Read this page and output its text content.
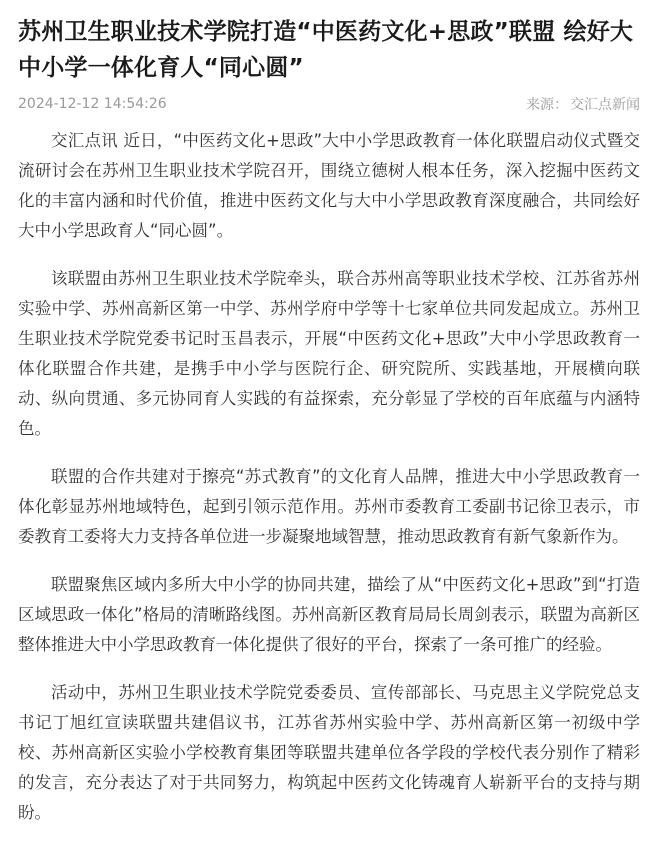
苏州卫生职业技术学院打造“中医药文化+思政”联盟 绘好大中小学一体化育人“同心圆”
2024-12-12 14:54:26	来源： 交汇点新闻

交汇点讯 近日，“中医药文化+思政”大中小学思政教育一体化联盟启动仪式暨交流研讨会在苏州卫生职业技术学院召开，围绕立德树人根本任务，深入挖掘中医药文化的丰富内涵和时代价值，推进中医药文化与大中小学思政教育深度融合，共同绘好大中小学思政育人“同心圆”。

该联盟由苏州卫生职业技术学院牵头，联合苏州高等职业技术学校、江苏省苏州实验中学、苏州高新区第一中学、苏州学府中学等十七家单位共同发起成立。苏州卫生职业技术学院党委书记时玉昌表示，开展“中医药文化+思政”大中小学思政教育一体化联盟合作共建，是携手中小学与医院行企、研究院所、实践基地，开展横向联动、纵向贯通、多元协同育人实践的有益探索，充分彰显了学校的百年底蕴与内涵特色。

联盟的合作共建对于擦亮“苏式教育”的文化育人品牌，推进大中小学思政教育一体化彰显苏州地域特色，起到引领示范作用。苏州市委教育工委副书记徐卫表示，市委教育工委将大力支持各单位进一步凝聚地域智慧，推动思政教育有新气象新作为。

联盟聚焦区域内多所大中小学的协同共建，描绘了从“中医药文化+思政”到“打造区域思政一体化”格局的清晰路线图。苏州高新区教育局局长周剑表示，联盟为高新区整体推进大中小学思政教育一体化提供了很好的平台，探索了一条可推广的经验。

活动中，苏州卫生职业技术学院党委委员、宣传部部长、马克思主义学院党总支书记丁旭红宣读联盟共建倡议书，江苏省苏州实验中学、苏州高新区第一初级中学校、苏州高新区实验小学校教育集团等联盟共建单位各学段的学校代表分别作了精彩的发言，充分表达了对于共同努力，构筑起中医药文化铸魂育人崭新平台的支持与期盼。
